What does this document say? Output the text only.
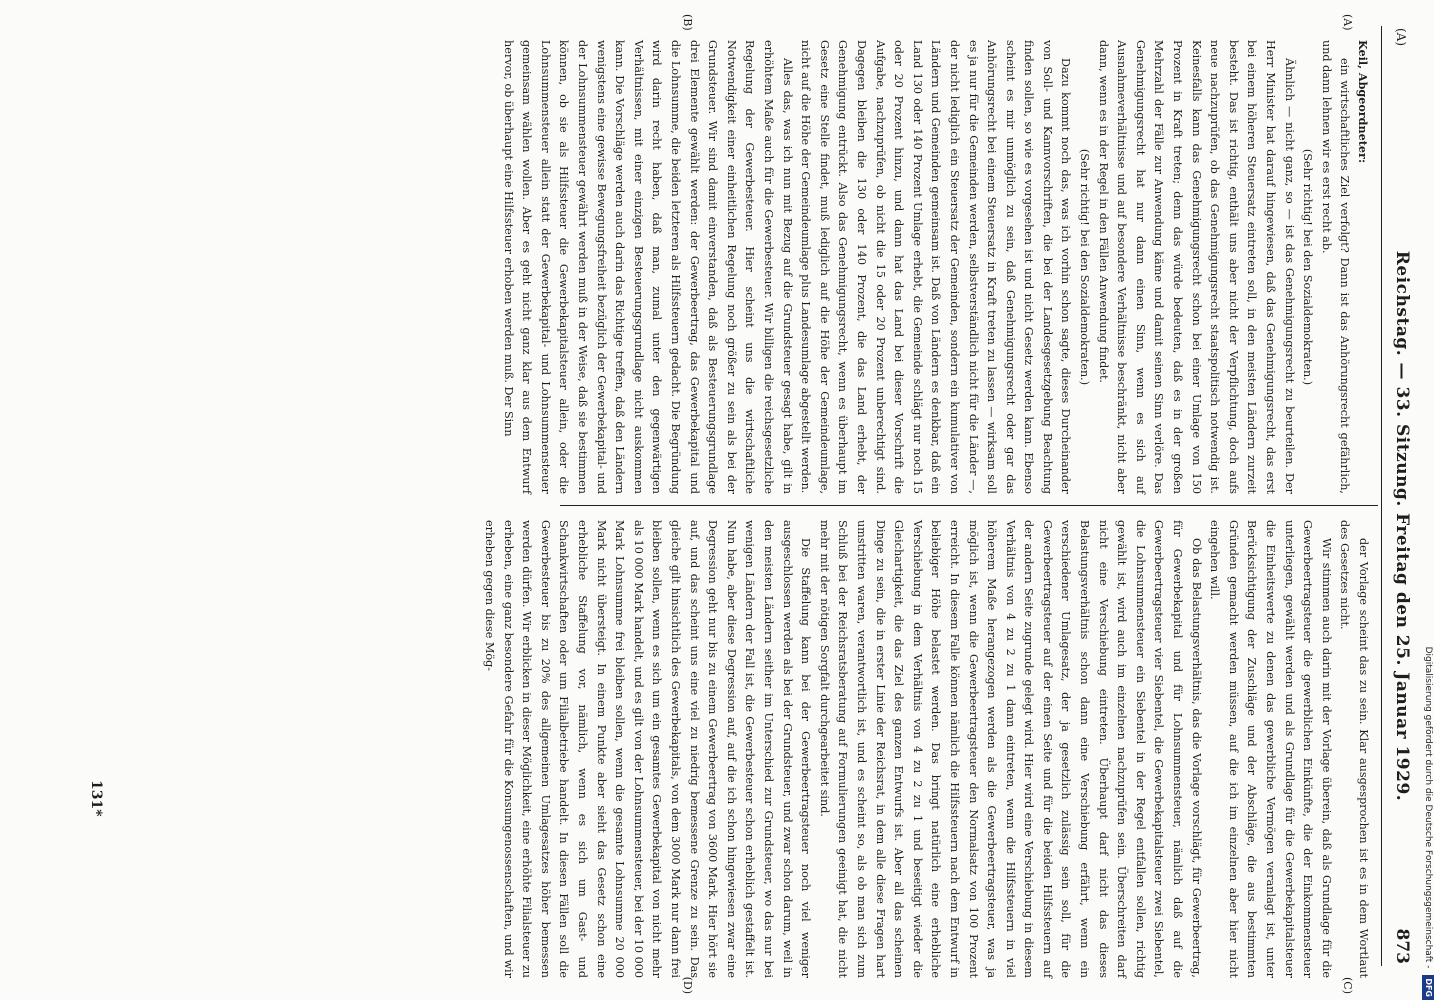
(A)
Reichstag. — 33. Sitzung. Freitag den 25. Januar 1929.
873
(A)
(B)
(C)
(D)

Keil, Abgeordneter:

ein wirtschaftliches Ziel verfolgt? Dann ist das Anhörungsrecht gefährlich, und dann lehnen wir es erst recht ab.

(Sehr richtig! bei den Sozialdemokraten.)

Ähnlich — nicht ganz, so — ist das Genehmigungsrecht zu beurteilen. Der Herr Minister hat darauf hingewiesen, daß das Genehmigungsrecht, das erst bei einem höheren Steuersatz eintreten soll, in den meisten Ländern zurzeit besteht. Das ist richtig, enthält uns aber nicht der Verpflichtung, doch aufs neue nachzuprüfen, ob das Genehmigungsrecht staatspolitisch notwendig ist. Keinesfalls kann das Genehmigungsrecht schon bei einer Umlage von 150 Prozent in Kraft treten; denn das würde bedeuten, daß es in der großen Mehrzahl der Fälle zur Anwendung käme und damit seinen Sinn verlöre. Das Genehmigungsrecht hat nur dann einen Sinn, wenn es sich auf Ausnahmeverhältnisse und auf besondere Verhältnisse beschränkt, nicht aber dann, wenn es in der Regel in den Fällen Anwendung findet.

(Sehr richtig! bei den Sozialdemokraten.)

Dazu kommt noch das, was ich vorhin schon sagte, dieses Durcheinander von Soll- und Kannvorschriften, die bei der Landesgesetzgebung Beachtung finden sollen, so wie es vorgesehen ist und nicht Gesetz werden kann. Ebenso scheint es mir unmöglich zu sein, daß Genehmigungsrecht oder gar das Anhörungsrecht bei einem Steuersatz in Kraft treten zu lassen — wirksam soll es ja nur für die Gemeinden werden, selbstverständlich nicht für die Länder —, der nicht lediglich ein Steuersatz der Gemeinden, sondern ein kumulativer von Ländern und Gemeinden gemeinsam ist. Daß von Ländern es denkbar, daß ein Land 130 oder 140 Prozent Umlage erhebt, die Gemeinde schlägt nur noch 15 oder 20 Prozent hinzu, und dann hat das Land bei dieser Vorschrift die Aufgabe, nachzuprüfen, ob nicht die 15 oder 20 Prozent unberechtigt sind. Dagegen bleiben die 130 oder 140 Prozent, die das Land erhebt, der Genehmigung entrückt. Also das Genehmigungsrecht, wenn es überhaupt im Gesetz eine Stelle findet, muß lediglich auf die Höhe der Gemeindeumlage, nicht auf die Höhe der Gemeindeumlage plus Landesumlage abgestellt werden.

Alles das, was ich nun mit Bezug auf die Grundsteuer gesagt habe, gilt in erhöhtem Maße auch für die Gewerbesteuer. Wir billigen die reichsgesetzliche Regelung der Gewerbesteuer. Hier scheint uns die wirtschaftliche Notwendigkeit einer einheitlichen Regelung noch größer zu sein als bei der Grundsteuer. Wir sind damit einverstanden, daß als Besteuerungsgrundlage drei Elemente gewählt werden: der Gewerbeertrag, das Gewerbekapital und die Lohnsumme, die beiden letzteren als Hilfssteuern gedacht. Die Begründung wird darin recht haben, daß man, zumal unter den gegenwärtigen Verhältnissen, mit einer einzigen Besteuerungsgrundlage nicht auskommen kann. Die Vorschläge werden auch darin das Richtige treffen, daß den Ländern wenigstens eine gewisse Bewegungsfreiheit bezüglich der Gewerbekapital- und der Lohnsummensteuer gewährt werden muß in der Weise, daß sie bestimmen können, ob sie als Hilfssteuer die Gewerbekapitalsteuer allein, oder die Lohnsummensteuer allein statt der Gewerbekapital- und Lohnsummensteuer gemeinsam wählen wollen. Aber es geht nicht ganz klar aus dem Entwurf hervor, ob überhaupt eine Hilfssteuer erhoben werden muß. Der Sinn

der Vorlage scheint das zu sein. Klar ausgesprochen ist es in dem Wortlaut des Gesetzes nicht.

Wir stimmen auch darin mit der Vorlage überein, daß als Grundlage für die Gewerbeertragsteuer die gewerblichen Einkünfte, die der Einkommensteuer unterliegen, gewählt werden und als Grundlage für die Gewerbekapitalsteuer die Einheitswerte zu denen das gewerbliche Vermögen veranlagt ist, unter Berücksichtigung der Zuschläge und der Abschläge, die aus bestimmten Gründen gemacht werden müssen, auf die ich im einzelnen aber hier nicht eingehen will.

Ob das Belastungsverhältnis, das die Vorlage vorschlägt, für Gewerbeertrag, für Gewerbekapital und für Lohnsummensteuer, nämlich daß auf die Gewerbeertragsteuer vier Siebentel, die Gewerbekapitalsteuer zwei Siebentel, die Lohnsummensteuer ein Siebentel in der Regel entfallen sollen, richtig gewählt ist, wird auch im einzelnen nachzuprüfen sein. Überschreiten darf nicht eine Verschiebung eintreten. Überhaupt darf nicht das dieses Belastungsverhältnis schon dann eine Verschiebung erfährt, wenn ein verschiedener Umlagesatz, der ja gesetzlich zulässig sein soll, für die Gewerbeertragsteuer auf der einen Seite und für die beiden Hilfssteuern auf der andern Seite zugrunde gelegt wird. Hier wird eine Verschiebung in diesem Verhältnis von 4 zu 2 zu 1 dann eintreten, wenn die Hilfssteuern in viel höherem Maße herangezogen werden als die Gewerbeertragsteuer, was ja möglich ist, wenn die Gewerbeertragsteuer den Normalsatz von 100 Prozent erreicht. In diesem Falle können nämlich die Hilfssteuern nach dem Entwurf in beliebiger Höhe belastet werden. Das bringt natürlich eine erhebliche Verschiebung in dem Verhältnis von 4 zu 2 zu 1 und beseitigt wieder die Gleichartigkeit, die das Ziel des ganzen Entwurfs ist. Aber all das scheinen Dinge zu sein, die in erster Linie der Reichsrat, in dem alle diese Fragen hart umstritten waren, verantwortlich ist, und es scheint so, als ob man sich zum Schluß bei der Reichsratsberatung auf Formulierungen geeinigt hat, die nicht mehr mit der nötigen Sorgfalt durchgearbeitet sind.

Die Staffelung kann bei der Gewerbeertragsteuer noch viel weniger ausgeschlossen werden als bei der Grundsteuer, und zwar schon darum, weil in den meisten Ländern seither im Unterschied zur Grundsteuer, wo das nur bei wenigen Ländern der Fall ist, die Gewerbesteuer schon erheblich gestaffelt ist. Nun habe, aber diese Degression auf, auf die ich schon hingewiesen zwar eine Degression geht nur bis zu einem Gewerbeertrag von 3600 Mark. Hier hört sie auf, und das scheint uns eine viel zu niedrig bemessene Grenze zu sein. Das gleiche gilt hinsichtlich des Gewerbekapitals, von dem 3000 Mark nur dann frei bleiben sollen, wenn es sich um ein gesamtes Gewerbekapital von nicht mehr als 10 000 Mark handelt, und es gilt von der Lohnsummensteuer, bei der 10 000 Mark Lohnsumme frei bleiben sollen, wenn die gesamte Lohnsumme 20 000 Mark nicht übersteigt. In einem Punkte aber sieht das Gesetz schon eine erhebliche Staffelung vor, nämlich, wenn es sich um Gast- und Schankwirtschaften oder um Filialbetriebe handelt. In diesen Fällen soll die Gewerbesteuer bis zu 20% des allgemeinen Umlagesatzes höher bemessen werden dürfen. Wir erblicken in dieser Möglichkeit, eine erhöhte Filialsteuer zu erheben, eine ganz besondere Gefahr für die Konsumgenossenschaften, und wir erheben gegen diese Mög-

131*	Digitalisierung gefördert durch die Deutsche Forschungsgemeinschaft - DFG
